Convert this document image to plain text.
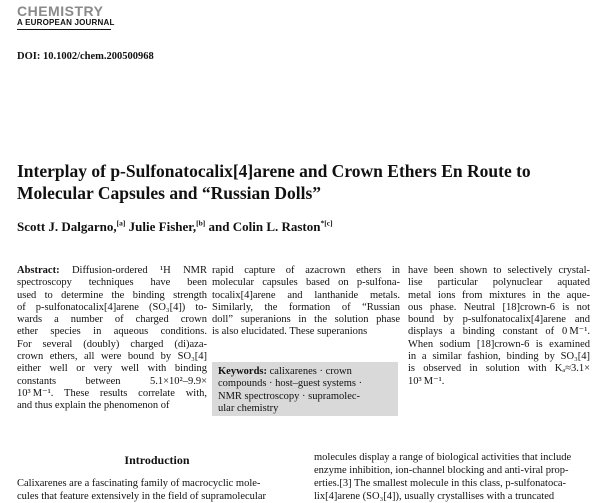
CHEMISTRY
A EUROPEAN JOURNAL
DOI: 10.1002/chem.200500968
Interplay of p-Sulfonatocalix[4]arene and Crown Ethers En Route to
Molecular Capsules and “Russian Dolls”
Scott J. Dalgarno,[a] Julie Fisher,[b] and Colin L. Raston$^{*[c]}$
Abstract: Diffusion-ordered ¹H NMR
spectroscopy techniques have been
used to determine the binding strength
of p-sulfonatocalix[4]arene (SO₃[4]) to-
wards a number of charged crown
ether species in aqueous conditions.
For several (doubly) charged (di)aza-
crown ethers, all were bound by SO₃[4]
either well or very well with binding
constants between 5.1×10²–9.9×
10³ M⁻¹. These results correlate with,
and thus explain the phenomenon of
rapid capture of azacrown ethers in
molecular capsules based on p-sulfona-
tocalix[4]arene and lanthanide metals.
Similarly, the formation of “Russian
doll” superanions in the solution phase
is also elucidated. These superanions
Keywords: calixarenes · crown
compounds · host–guest systems ·
NMR spectroscopy · supramolec-
ular chemistry
have been shown to selectively crystal-
lise particular polynuclear aquated
metal ions from mixtures in the aque-
ous phase. Neutral [18]crown-6 is not
bound by p-sulfonatocalix[4]arene and
displays a binding constant of 0 M⁻¹.
When sodium [18]crown-6 is examined
in a similar fashion, binding by SO₃[4]
is observed in solution with Kₐ≈3.1×
10³ M⁻¹.
Introduction
Calixarenes are a fascinating family of macrocyclic mole-
cules that feature extensively in the field of supramolecular
molecules display a range of biological activities that include
enzyme inhibition, ion-channel blocking and anti-viral prop-
erties.[3] The smallest molecule in this class, p-sulfonatoca-
lix[4]arene (SO₃[4]), usually crystallises with a truncated
